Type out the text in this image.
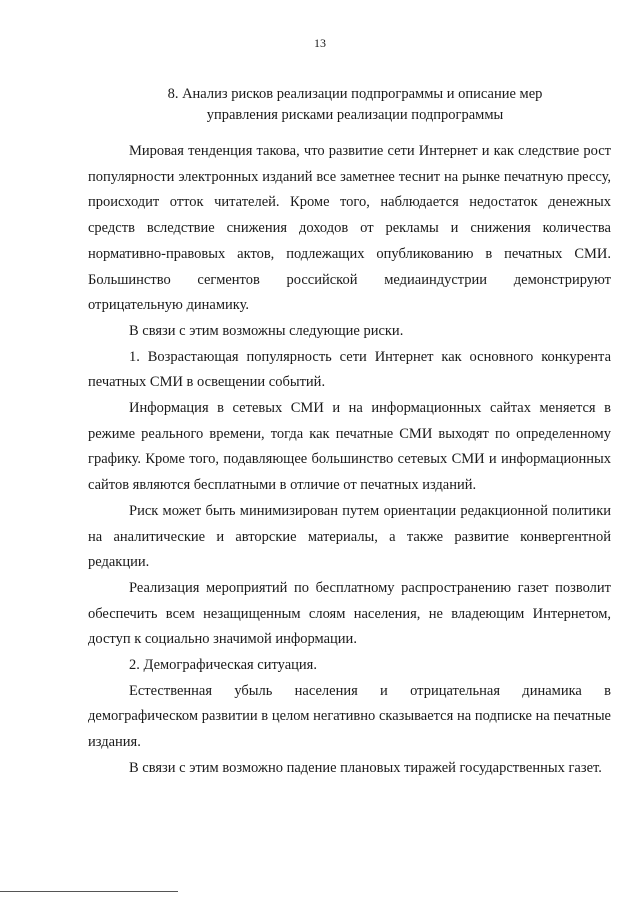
13
8. Анализ рисков реализации подпрограммы и описание мер
управления рисками реализации подпрограммы

Мировая тенденция такова, что развитие сети Интернет и как следствие рост популярности электронных изданий все заметнее теснит на рынке печатную прессу, происходит отток читателей. Кроме того, наблюдается недостаток денежных средств вследствие снижения доходов от рекламы и снижения количества нормативно-правовых актов, подлежащих опубликованию в печатных СМИ. Большинство сегментов российской медиаиндустрии демонстрируют отрицательную динамику.

В связи с этим возможны следующие риски.

1. Возрастающая популярность сети Интернет как основного конкурента печатных СМИ в освещении событий.

Информация в сетевых СМИ и на информационных сайтах меняется в режиме реального времени, тогда как печатные СМИ выходят по определенному графику. Кроме того, подавляющее большинство сетевых СМИ и информационных сайтов являются бесплатными в отличие от печатных изданий.

Риск может быть минимизирован путем ориентации редакционной политики на аналитические и авторские материалы, а также развитие конвергентной редакции.

Реализация мероприятий по бесплатному распространению газет позволит обеспечить всем незащищенным слоям населения, не владеющим Интернетом, доступ к социально значимой информации.

2. Демографическая ситуация.

Естественная убыль населения и отрицательная динамика в демографическом развитии в целом негативно сказывается на подписке на печатные издания.

В связи с этим возможно падение плановых тиражей государственных газет.
